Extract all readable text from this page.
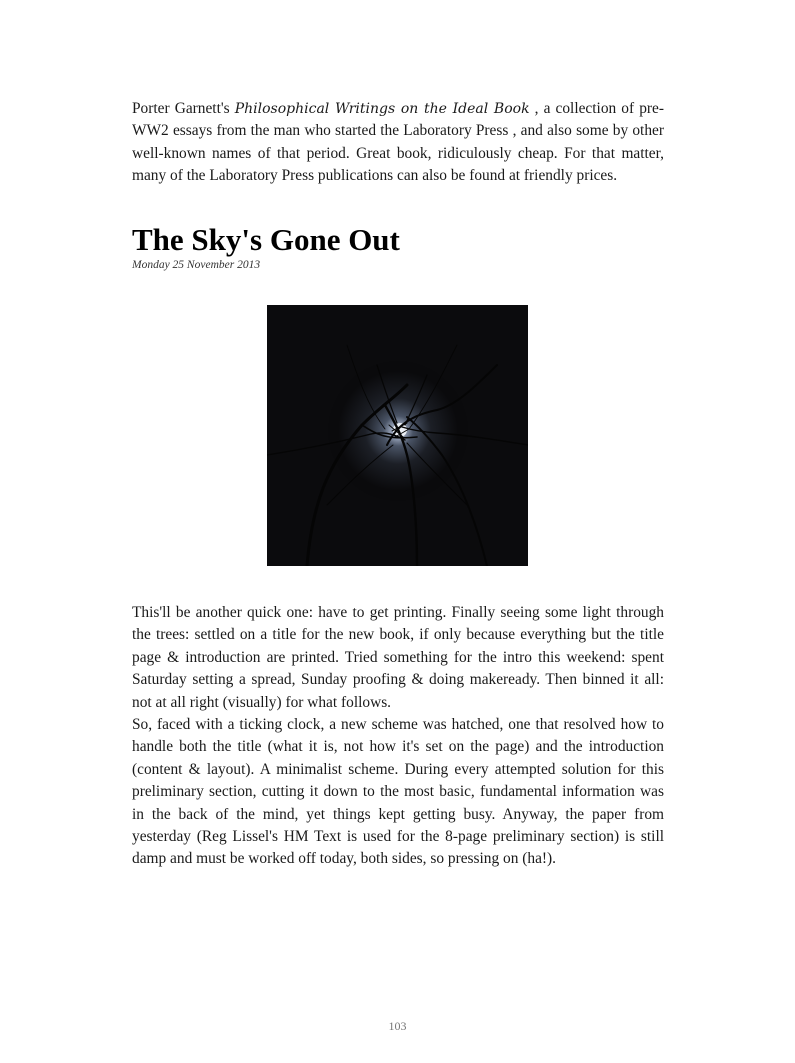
Porter Garnett's Philosophical Writings on the Ideal Book , a collection of pre-WW2 essays from the man who started the Laboratory Press , and also some by other well-known names of that period. Great book, ridiculously cheap. For that matter, many of the Laboratory Press publications can also be found at friendly prices.

The Sky's Gone Out

Monday 25 November 2013

This'll be another quick one: have to get printing. Finally seeing some light through the trees: settled on a title for the new book, if only because everything but the title page & introduction are printed. Tried something for the intro this weekend: spent Saturday setting a spread, Sunday proofing & doing makeready. Then binned it all: not at all right (visually) for what follows.

So, faced with a ticking clock, a new scheme was hatched, one that resolved how to handle both the title (what it is, not how it's set on the page) and the introduction (content & layout). A minimalist scheme. During every attempted solution for this preliminary section, cutting it down to the most basic, fundamental information was in the back of the mind, yet things kept getting busy. Anyway, the paper from yesterday (Reg Lissel's HM Text is used for the 8-page preliminary section) is still damp and must be worked off today, both sides, so pressing on (ha!).

103
